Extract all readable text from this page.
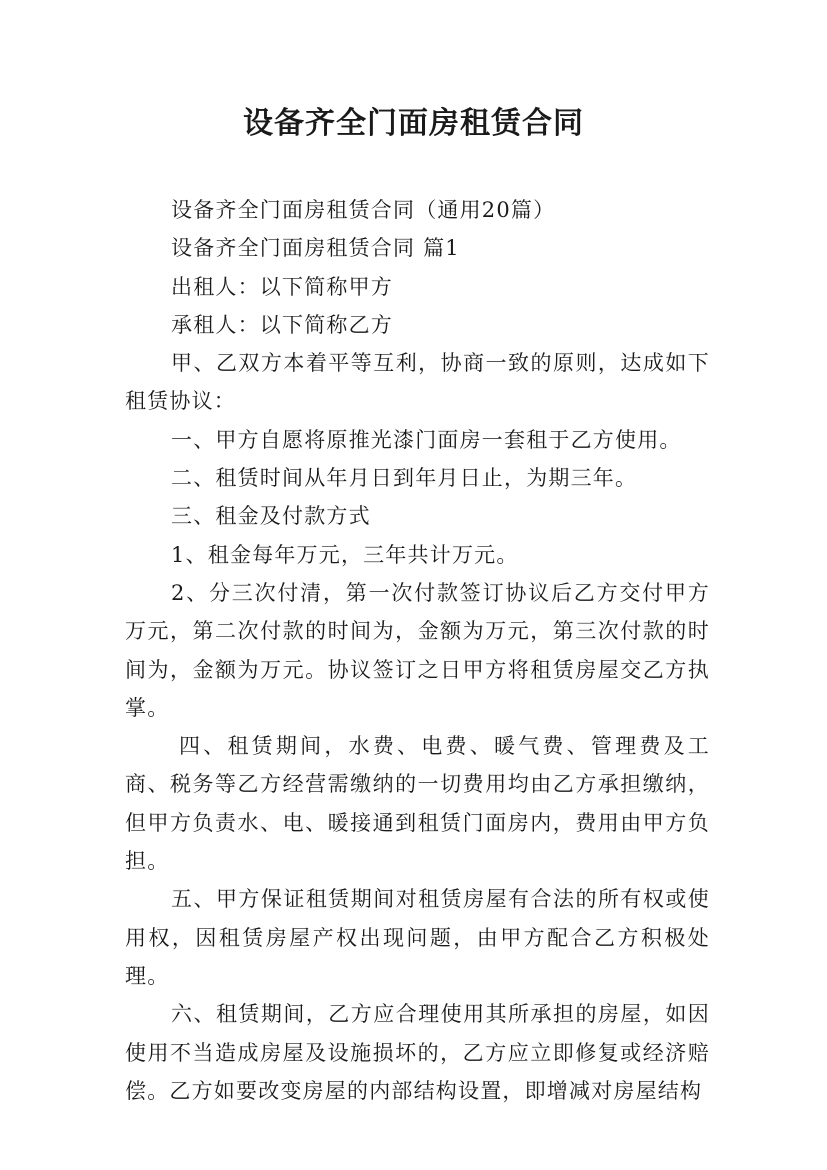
设备齐全门面房租赁合同

设备齐全门面房租赁合同（通用20篇）

设备齐全门面房租赁合同 篇1

出租人：以下简称甲方

承租人：以下简称乙方

甲、乙双方本着平等互利，协商一致的原则，达成如下租赁协议：

一、甲方自愿将原推光漆门面房一套租于乙方使用。

二、租赁时间从年月日到年月日止，为期三年。

三、租金及付款方式

1、租金每年万元，三年共计万元。

2、分三次付清，第一次付款签订协议后乙方交付甲方万元，第二次付款的时间为，金额为万元，第三次付款的时间为，金额为万元。协议签订之日甲方将租赁房屋交乙方执掌。

四、租赁期间，水费、电费、暖气费、管理费及工商、税务等乙方经营需缴纳的一切费用均由乙方承担缴纳，但甲方负责水、电、暖接通到租赁门面房内，费用由甲方负担。

五、甲方保证租赁期间对租赁房屋有合法的所有权或使用权，因租赁房屋产权出现问题，由甲方配合乙方积极处理。

六、租赁期间，乙方应合理使用其所承担的房屋，如因使用不当造成房屋及设施损坏的，乙方应立即修复或经济赔偿。乙方如要改变房屋的内部结构设置，即增减对房屋结构
